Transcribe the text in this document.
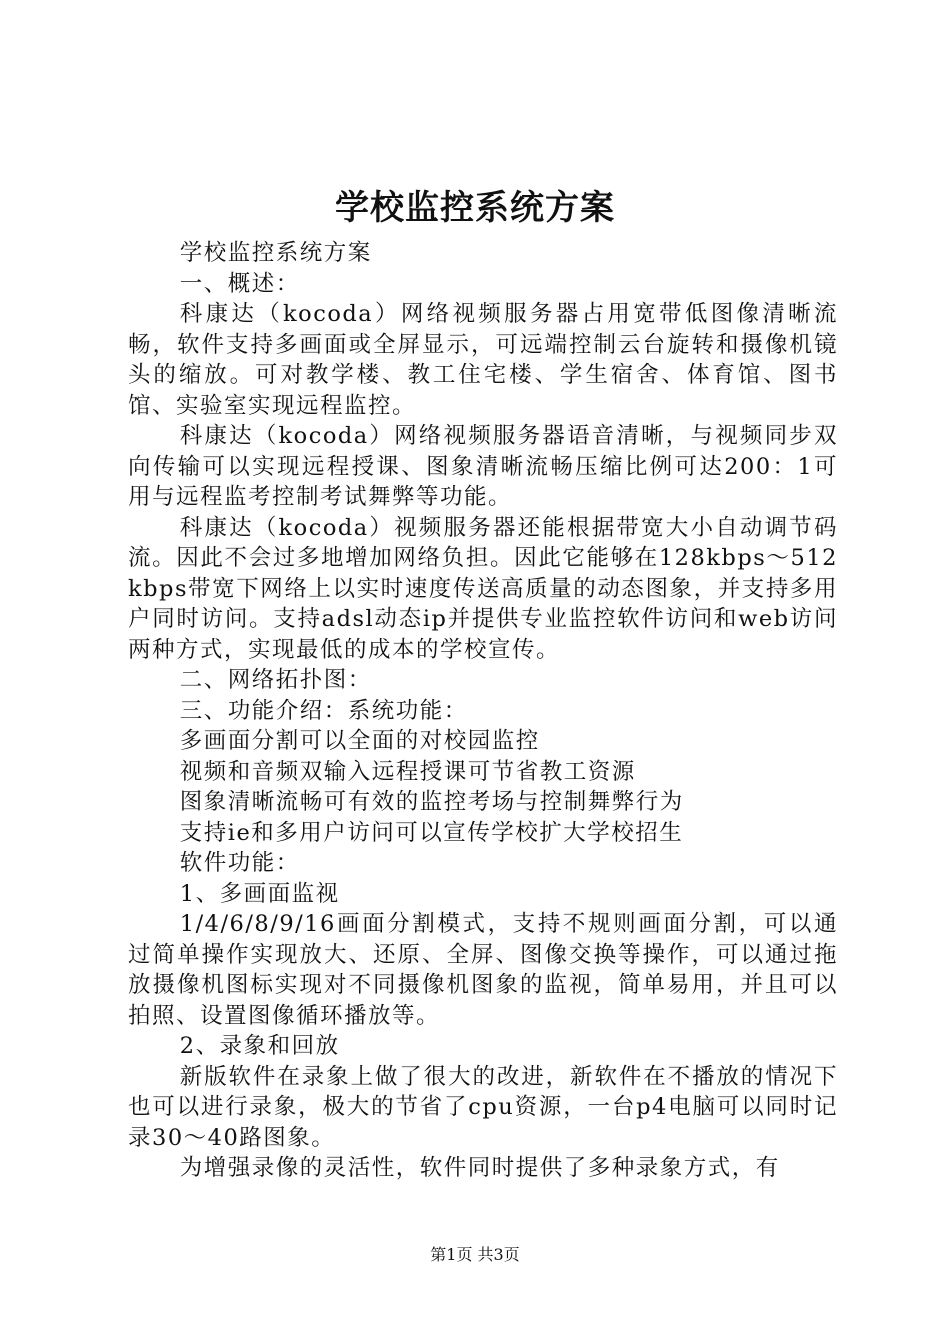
学校监控系统方案

学校监控系统方案

一、概述：

科康达（kocoda）网络视频服务器占用宽带低图像清晰流畅，软件支持多画面或全屏显示，可远端控制云台旋转和摄像机镜头的缩放。可对教学楼、教工住宅楼、学生宿舍、体育馆、图书馆、实验室实现远程监控。

科康达（kocoda）网络视频服务器语音清晰，与视频同步双向传输可以实现远程授课、图象清晰流畅压缩比例可达200：1可用与远程监考控制考试舞弊等功能。

科康达（kocoda）视频服务器还能根据带宽大小自动调节码流。因此不会过多地增加网络负担。因此它能够在128kbps～512kbps带宽下网络上以实时速度传送高质量的动态图象，并支持多用户同时访问。支持adsl动态ip并提供专业监控软件访问和web访问两种方式，实现最低的成本的学校宣传。

二、网络拓扑图：

三、功能介绍：系统功能：

多画面分割可以全面的对校园监控

视频和音频双输入远程授课可节省教工资源

图象清晰流畅可有效的监控考场与控制舞弊行为

支持ie和多用户访问可以宣传学校扩大学校招生

软件功能：

1、多画面监视

1/4/6/8/9/16画面分割模式，支持不规则画面分割，可以通过简单操作实现放大、还原、全屏、图像交换等操作，可以通过拖放摄像机图标实现对不同摄像机图象的监视，简单易用，并且可以拍照、设置图像循环播放等。

2、录象和回放

新版软件在录象上做了很大的改进，新软件在不播放的情况下也可以进行录象，极大的节省了cpu资源，一台p4电脑可以同时记录30～40路图象。

为增强录像的灵活性，软件同时提供了多种录象方式，有

第1页 共3页
